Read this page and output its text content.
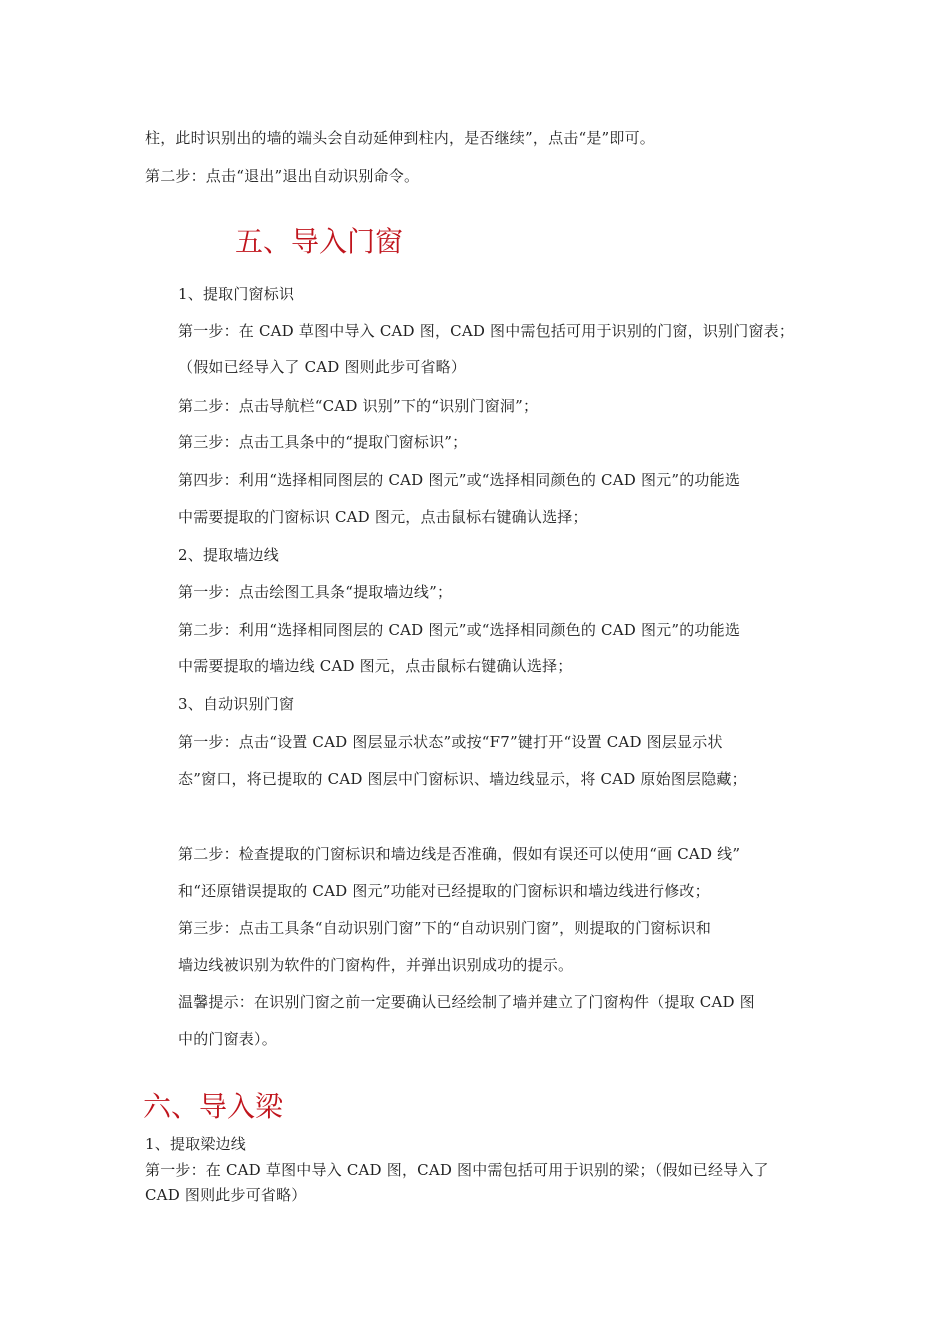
柱，此时识别出的墙的端头会自动延伸到柱内，是否继续”，点击“是”即可。
第二步：点击“退出”退出自动识别命令。
五、导入门窗
1、提取门窗标识
第一步：在 CAD 草图中导入 CAD 图，CAD 图中需包括可用于识别的门窗，识别门窗表；
（假如已经导入了 CAD 图则此步可省略）
第二步：点击导航栏“CAD 识别”下的“识别门窗洞”；
第三步：点击工具条中的“提取门窗标识”；
第四步：利用“选择相同图层的 CAD 图元”或“选择相同颜色的 CAD 图元”的功能选
中需要提取的门窗标识 CAD 图元，点击鼠标右键确认选择；
2、提取墙边线
第一步：点击绘图工具条“提取墙边线”；
第二步：利用“选择相同图层的 CAD 图元”或“选择相同颜色的 CAD 图元”的功能选
中需要提取的墙边线 CAD 图元，点击鼠标右键确认选择；
3、自动识别门窗
第一步：点击“设置 CAD 图层显示状态”或按“F7”键打开“设置 CAD 图层显示状
态”窗口，将已提取的 CAD 图层中门窗标识、墙边线显示，将 CAD 原始图层隐藏；
第二步：检查提取的门窗标识和墙边线是否准确，假如有误还可以使用“画 CAD 线”
和“还原错误提取的 CAD 图元”功能对已经提取的门窗标识和墙边线进行修改；
第三步：点击工具条“自动识别门窗”下的“自动识别门窗”，则提取的门窗标识和
墙边线被识别为软件的门窗构件，并弹出识别成功的提示。
温馨提示：在识别门窗之前一定要确认已经绘制了墙并建立了门窗构件（提取 CAD 图
中的门窗表）。
六、导入梁
1、提取梁边线
第一步：在 CAD 草图中导入 CAD 图，CAD 图中需包括可用于识别的梁；（假如已经导入了
CAD 图则此步可省略）
